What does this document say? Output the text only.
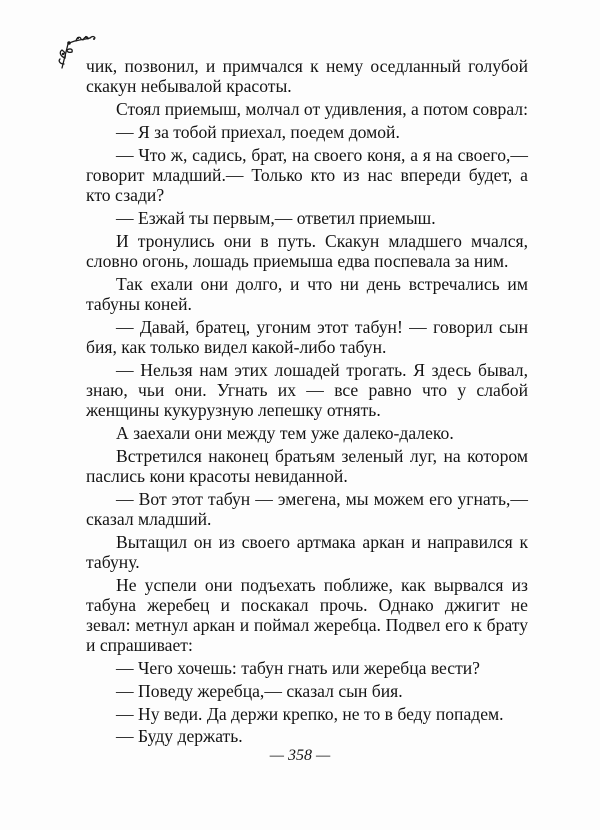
чик, позвонил, и примчался к нему оседланный голубой скакун небывалой красоты.

Стоял приемыш, молчал от удивления, а потом соврал:

— Я за тобой приехал, поедем домой.

— Что ж, садись, брат, на своего коня, а я на своего,— говорит младший.— Только кто из нас впереди будет, а кто сзади?

— Езжай ты первым,— ответил приемыш.

И тронулись они в путь. Скакун младшего мчался, словно огонь, лошадь приемыша едва поспевала за ним.

Так ехали они долго, и что ни день встречались им табуны коней.

— Давай, братец, угоним этот табун! — говорил сын бия, как только видел какой-либо табун.

— Нельзя нам этих лошадей трогать. Я здесь бывал, знаю, чьи они. Угнать их — все равно что у слабой женщины кукурузную лепешку отнять.

А заехали они между тем уже далеко-далеко.

Встретился наконец братьям зеленый луг, на котором паслись кони красоты невиданной.

— Вот этот табун — эмегена, мы можем его угнать,— сказал младший.

Вытащил он из своего артмака аркан и направился к табуну.

Не успели они подъехать поближе, как вырвался из табуна жеребец и поскакал прочь. Однако джигит не зевал: метнул аркан и поймал жеребца. Подвел его к брату и спрашивает:

— Чего хочешь: табун гнать или жеребца вести?

— Поведу жеребца,— сказал сын бия.

— Ну веди. Да держи крепко, не то в беду попадем.

— Буду держать.

— 358 —
